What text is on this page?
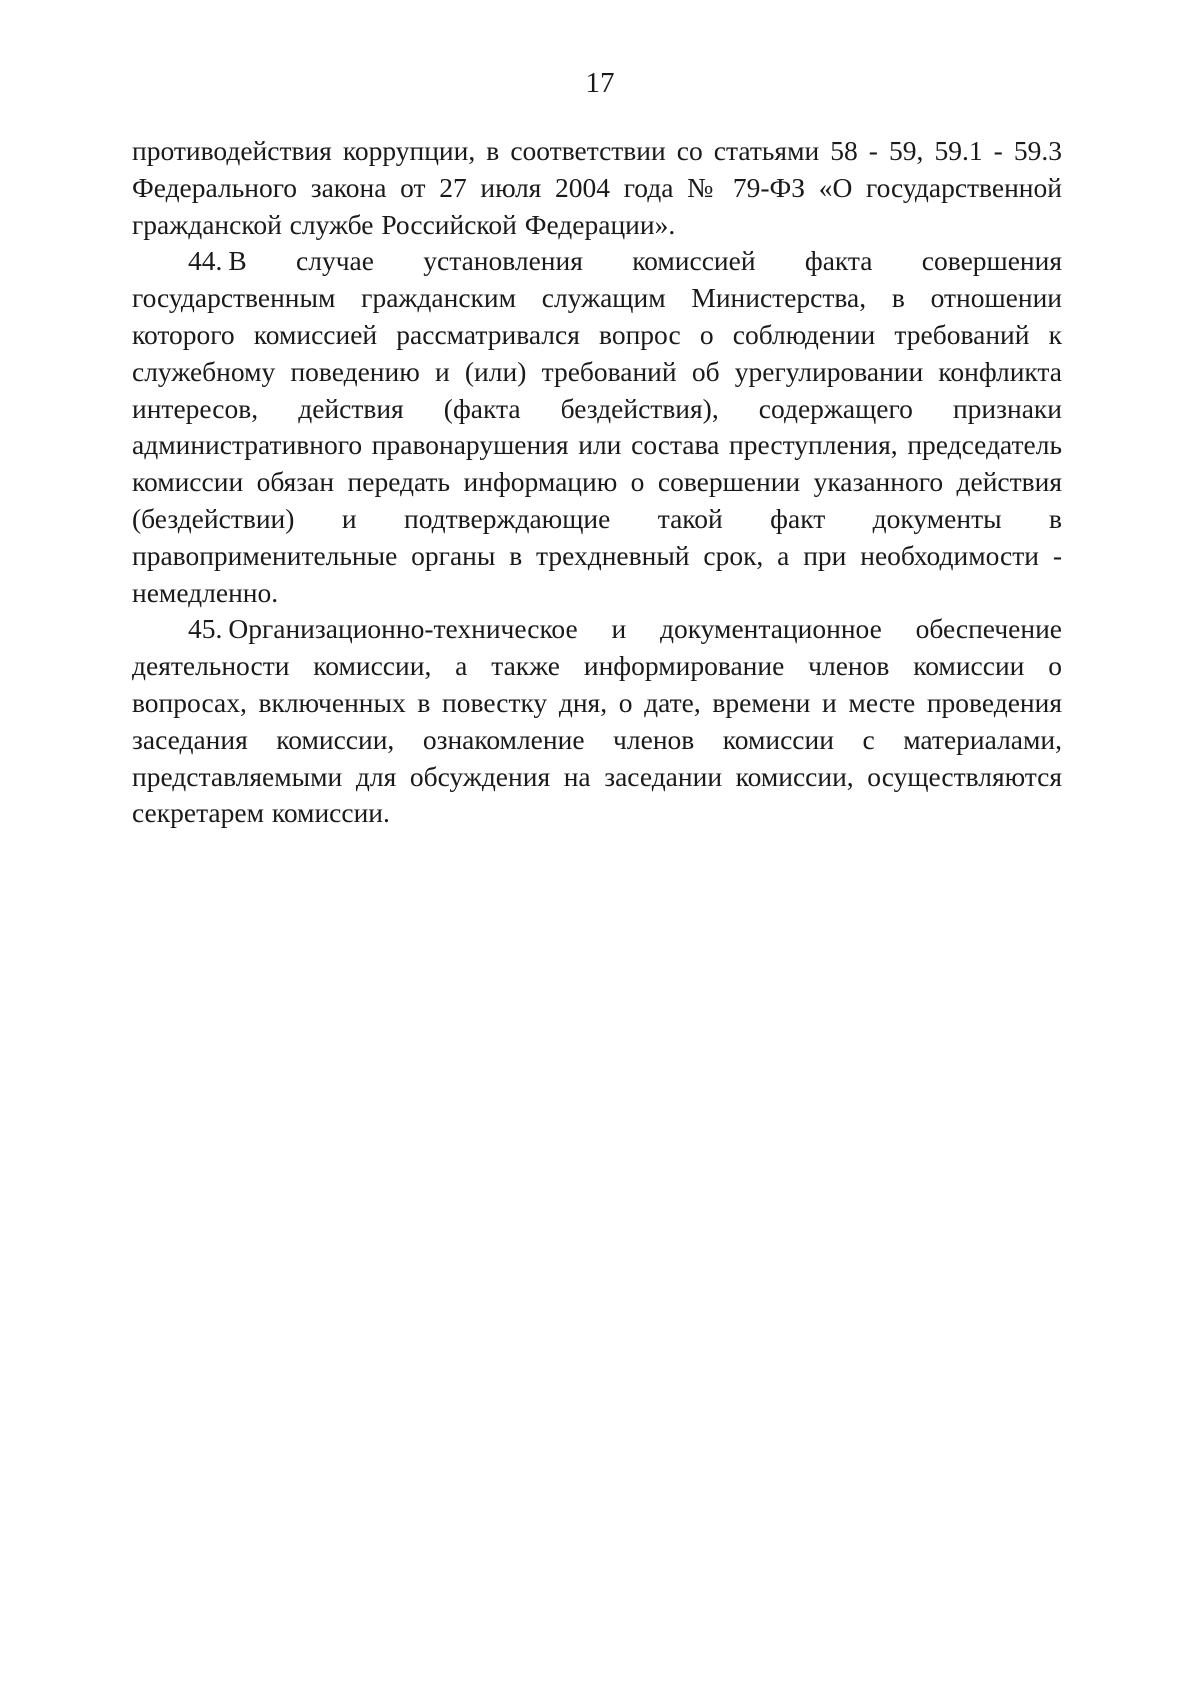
17

противодействия коррупции, в соответствии со статьями 58 - 59, 59.1 - 59.3 Федерального закона от 27 июля 2004 года № 79-ФЗ «О государственной гражданской службе Российской Федерации».

44. В случае установления комиссией факта совершения государственным гражданским служащим Министерства, в отношении которого комиссией рассматривался вопрос о соблюдении требований к служебному поведению и (или) требований об урегулировании конфликта интересов, действия (факта бездействия), содержащего признаки административного правонарушения или состава преступления, председатель комиссии обязан передать информацию о совершении указанного действия (бездействии) и подтверждающие такой факт документы в правоприменительные органы в трехдневный срок, а при необходимости - немедленно.

45. Организационно-техническое и документационное обеспечение деятельности комиссии, а также информирование членов комиссии о вопросах, включенных в повестку дня, о дате, времени и месте проведения заседания комиссии, ознакомление членов комиссии с материалами, представляемыми для обсуждения на заседании комиссии, осуществляются секретарем комиссии.
